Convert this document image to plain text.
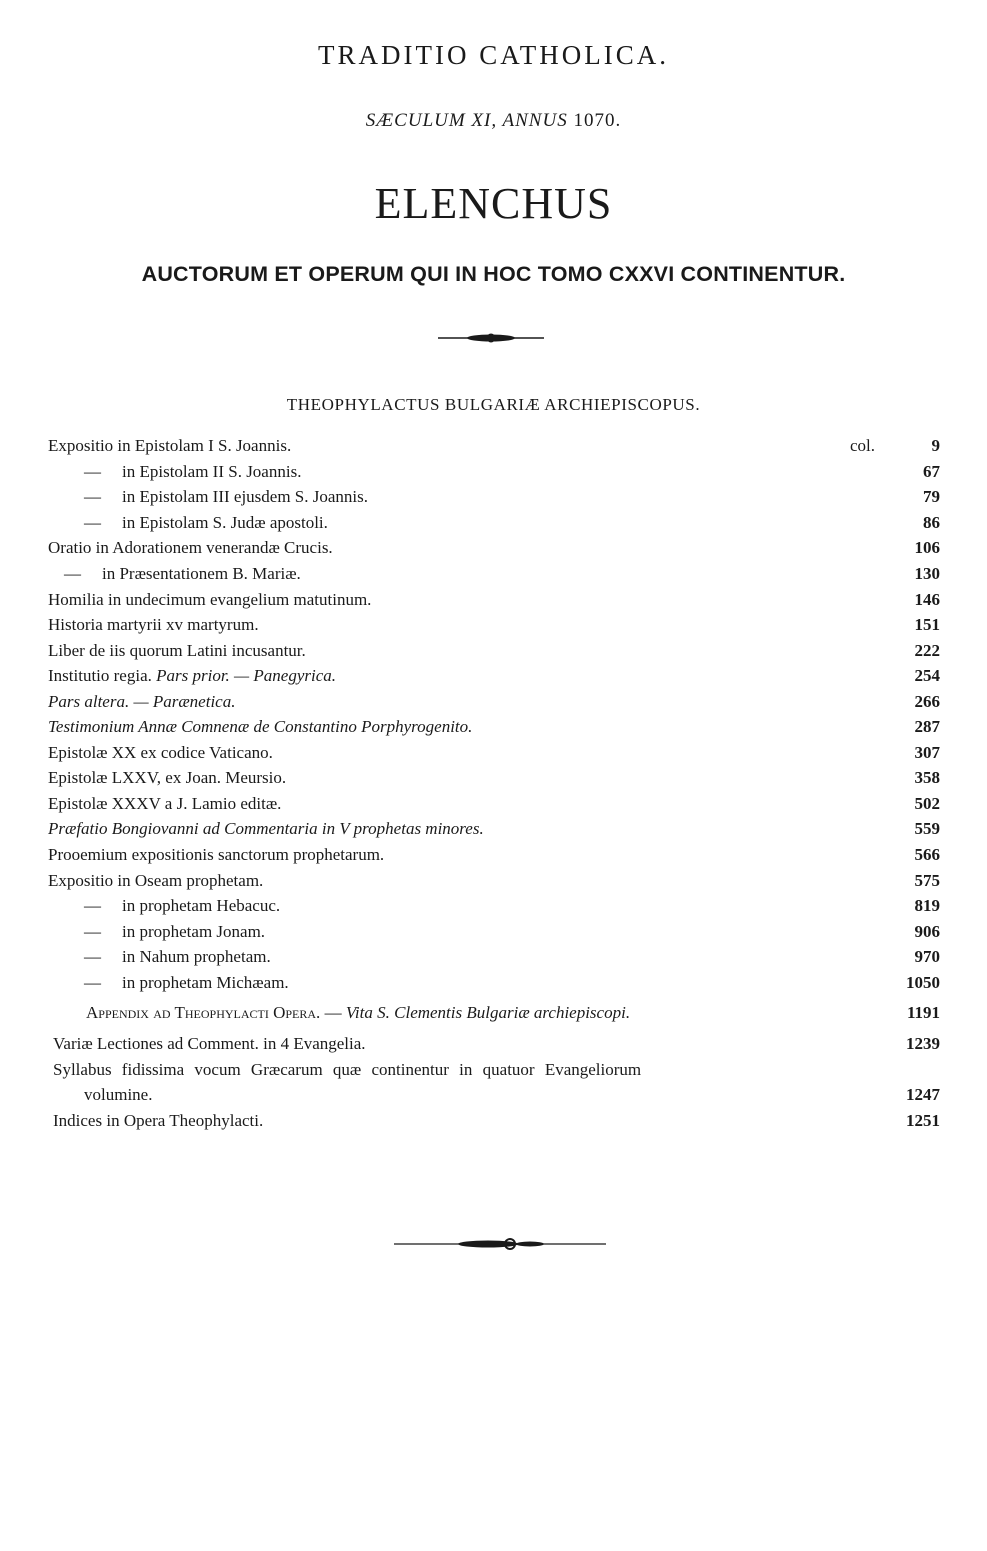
TRADITIO CATHOLICA.
SÆCULUM XI, ANNUS 1070.
ELENCHUS
AUCTORUM ET OPERUM QUI IN HOC TOMO CXXVI CONTINENTUR.
THEOPHYLACTUS BULGARIÆ ARCHIEPISCOPUS.
Expositio in Epistolam I S. Joannis.	col.	9
— in Epistolam II S. Joannis.	67
— in Epistolam III ejusdem S. Joannis.	79
— in Epistolam S. Judæ apostoli.	86
Oratio in Adorationem venerandæ Crucis.	106
— in Præsentationem B. Mariæ.	130
Homilia in undecimum evangelium matutinum.	146
Historia martyrii xv martyrum.	151
Liber de iis quorum Latini incusantur.	222
Institutio regia. Pars prior. — Panegyrica.	254
Pars altera. — Parænetica.	266
Testimonium Annæ Comnenæ de Constantino Porphyrogenito.	287
Epistolæ XX ex codice Vaticano.	307
Epistolæ LXXV, ex Joan. Meursio.	358
Epistolæ XXXV a J. Lamio editæ.	502
Præfatio Bongiovanni ad Commentaria in V prophetas minores.	559
Prooemium expositionis sanctorum prophetarum.	566
Expositio in Oseam prophetam.	575
— in prophetam Hebacuc.	819
— in prophetam Jonam.	906
— in Nahum prophetam.	970
— in prophetam Michæam.	1050
Appendix ad Theophylacti Opera. — Vita S. Clementis Bulgariæ archiepiscopi.	1191
Variæ Lectiones ad Comment. in 4 Evangelia.	1239
Syllabus fidissima vocum Græcarum quæ continentur in quatuor Evangeliorum
volumine.	1247
Indices in Opera Theophylacti.	1251
